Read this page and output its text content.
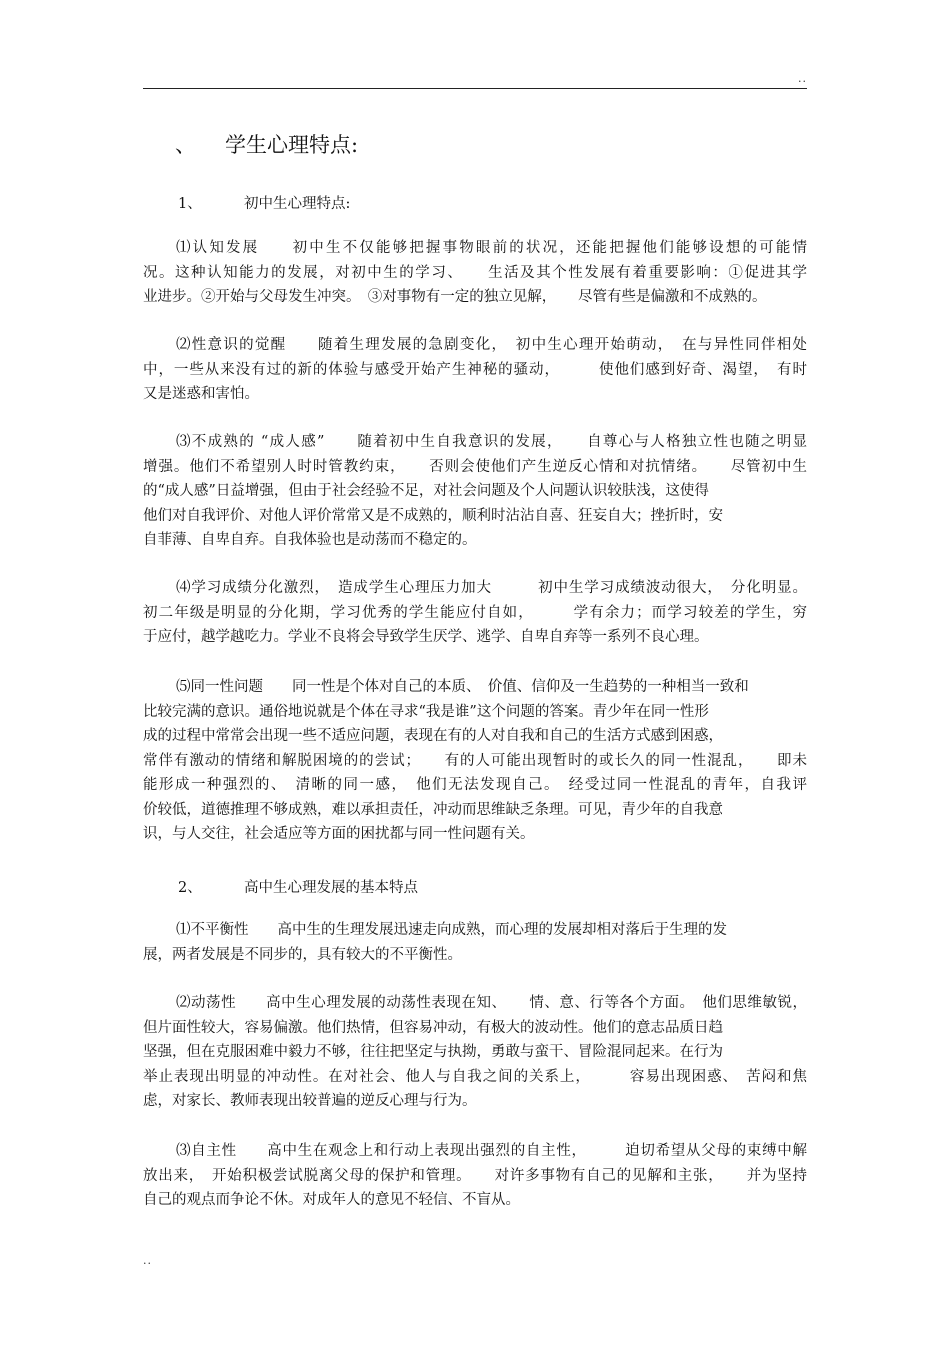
..
、 学生心理特点:
1、	初中生心理特点:
⑴认知发展　　初中生不仅能够把握事物眼前的状况，还能把握他们能够设想的可能情
况。这种认知能力的发展，对初中生的学习、　　生活及其个性发展有着重要影响：①促进其学
业进步。②开始与父母发生冲突。　③对事物有一定的独立见解，　　尽管有些是偏激和不成熟的。
⑵性意识的觉醒　　随着生理发展的急剧变化，　初中生心理开始萌动，　在与异性同伴相处
中，一些从来没有过的新的体验与感受开始产生神秘的骚动，　　　使他们感到好奇、渴望，　有时
又是迷惑和害怕。
⑶不成熟的 “成人感”　　随着初中生自我意识的发展，　　自尊心与人格独立性也随之明显
增强。他们不希望别人时时管教约束，　　否则会使他们产生逆反心情和对抗情绪。　　尽管初中生
的“成人感”日益增强，但由于社会经验不足，对社会问题及个人问题认识较肤浅，这使得
他们对自我评价、对他人评价常常又是不成熟的，顺利时沾沾自喜、狂妄自大；挫折时，安
自菲薄、自卑自弃。自我体验也是动荡而不稳定的。
⑷学习成绩分化激烈，　造成学生心理压力加大　　　初中生学习成绩波动很大，　分化明显。
初二年级是明显的分化期，学习优秀的学生能应付自如，　　　学有余力；而学习较差的学生，穷
于应付，越学越吃力。学业不良将会导致学生厌学、逃学、自卑自弃等一系列不良心理。
⑸同一性问题　　同一性是个体对自己的本质、　价值、信仰及一生趋势的一种相当一致和
比较完满的意识。通俗地说就是个体在寻求“我是谁”这个问题的答案。青少年在同一性形
成的过程中常常会出现一些不适应问题，表现在有的人对自我和自己的生活方式感到困惑，
常伴有激动的情绪和解脱困境的的尝试；　　有的人可能出现暂时的或长久的同一性混乱，　　即未
能形成一种强烈的、　清晰的同一感，　他们无法发现自己。　经受过同一性混乱的青年，自我评
价较低，道德推理不够成熟，难以承担责任，冲动而思维缺乏条理。可见，青少年的自我意
识，与人交往，社会适应等方面的困扰都与同一性问题有关。
2、	高中生心理发展的基本特点
⑴不平衡性　　高中生的生理发展迅速走向成熟，而心理的发展却相对落后于生理的发
展，两者发展是不同步的，具有较大的不平衡性。
⑵动荡性　　高中生心理发展的动荡性表现在知、　　情、意、行等各个方面。　他们思维敏锐，
但片面性较大，容易偏激。他们热情，但容易冲动，有极大的波动性。他们的意志品质日趋
坚强，但在克服困难中毅力不够，往往把坚定与执拗，勇敢与蛮干、冒险混同起来。在行为
举止表现出明显的冲动性。在对社会、他人与自我之间的关系上，　　　容易出现困惑、　苦闷和焦
虑，对家长、教师表现出较普遍的逆反心理与行为。
⑶自主性　　高中生在观念上和行动上表现出强烈的自主性，　　　迫切希望从父母的束缚中解
放出来，　开始积极尝试脱离父母的保护和管理。　　对许多事物有自己的见解和主张，　　并为坚持
自己的观点而争论不休。对成年人的意见不轻信、不盲从。
..
